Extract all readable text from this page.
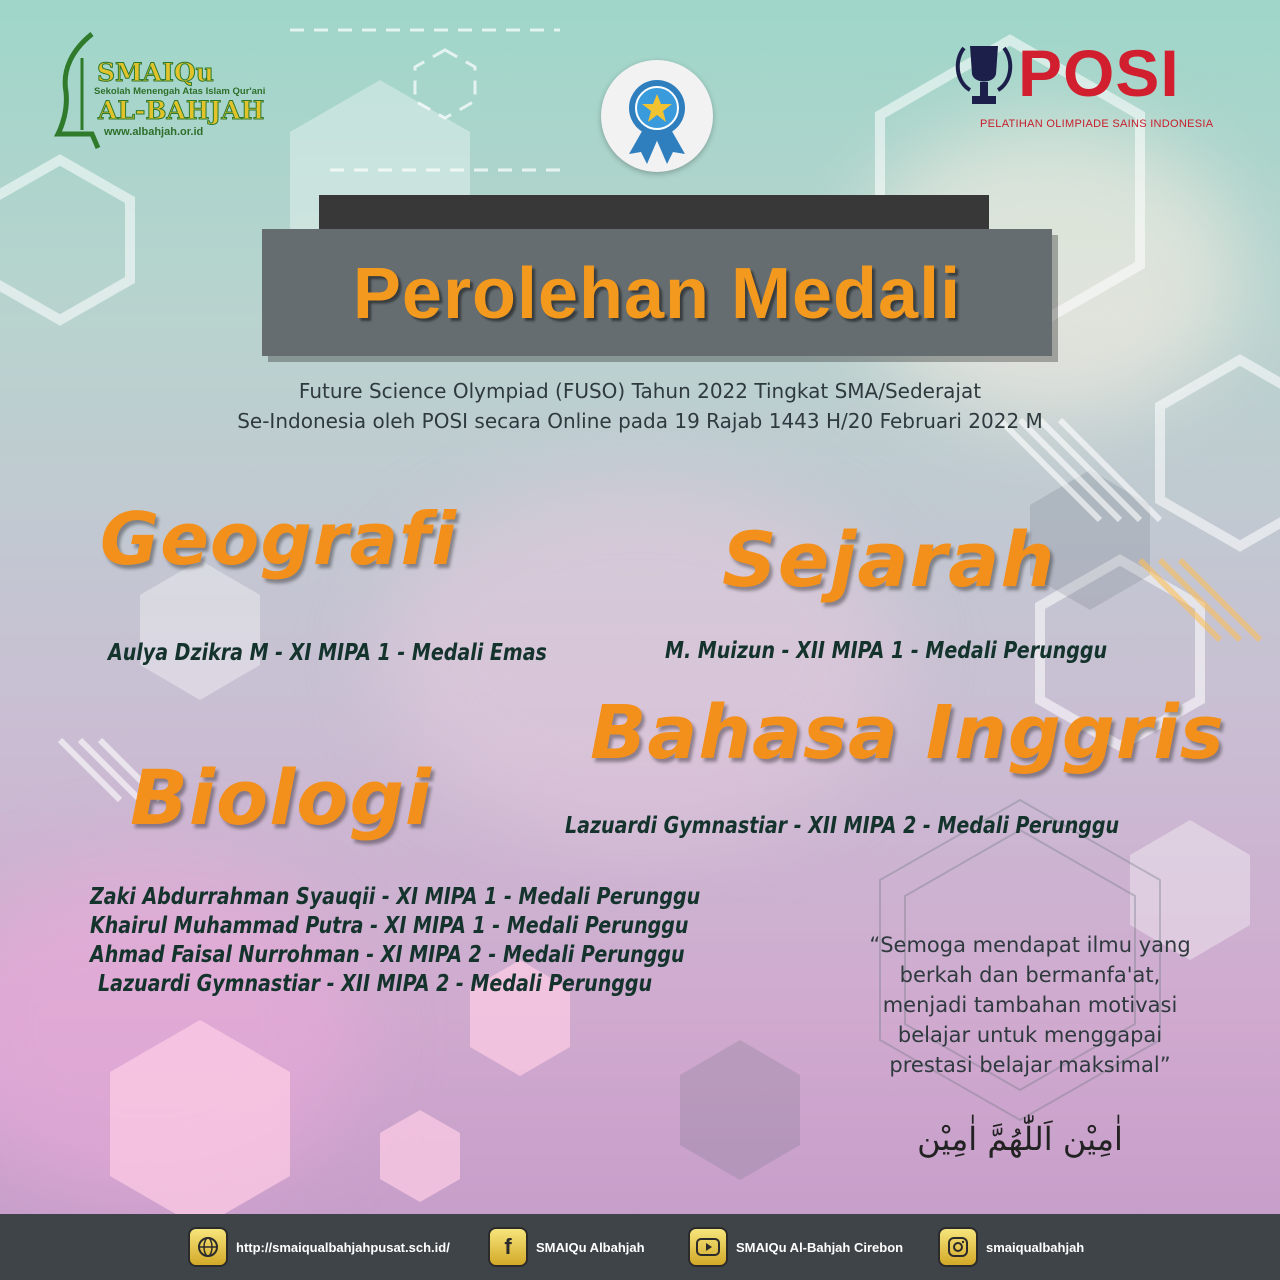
SMAIQu
Sekolah Menengah Atas Islam Qur'ani
AL-BAHJAH
www.albahjah.or.id
POSI
PELATIHAN OLIMPIADE SAINS INDONESIA
Perolehan Medali
Future Science Olympiad (FUSO) Tahun 2022 Tingkat SMA/Sederajat
Se-Indonesia oleh POSI secara Online pada 19 Rajab 1443 H/20 Februari 2022 M
Geografi
Aulya Dzikra M - XI MIPA 1 - Medali Emas
Sejarah
M. Muizun - XII MIPA 1 - Medali Perunggu
Bahasa Inggris
Lazuardi Gymnastiar - XII MIPA 2 - Medali Perunggu
Biologi
Zaki Abdurrahman Syauqii - XI MIPA 1 - Medali Perunggu
Khairul Muhammad Putra - XI MIPA 1 - Medali Perunggu
Ahmad Faisal Nurrohman - XI MIPA 2 - Medali Perunggu
Lazuardi Gymnastiar - XII MIPA 2 - Medali Perunggu
“Semoga mendapat ilmu yang
berkah dan bermanfa'at,
menjadi tambahan motivasi
belajar untuk menggapai
prestasi belajar maksimal”
اٰمِيْن اَللّٰهُمَّ اٰمِيْن
http://smaiqualbahjahpusat.sch.id/ f SMAIQu Albahjah	SMAIQu Al-Bahjah Cirebon	smaiqualbahjah
